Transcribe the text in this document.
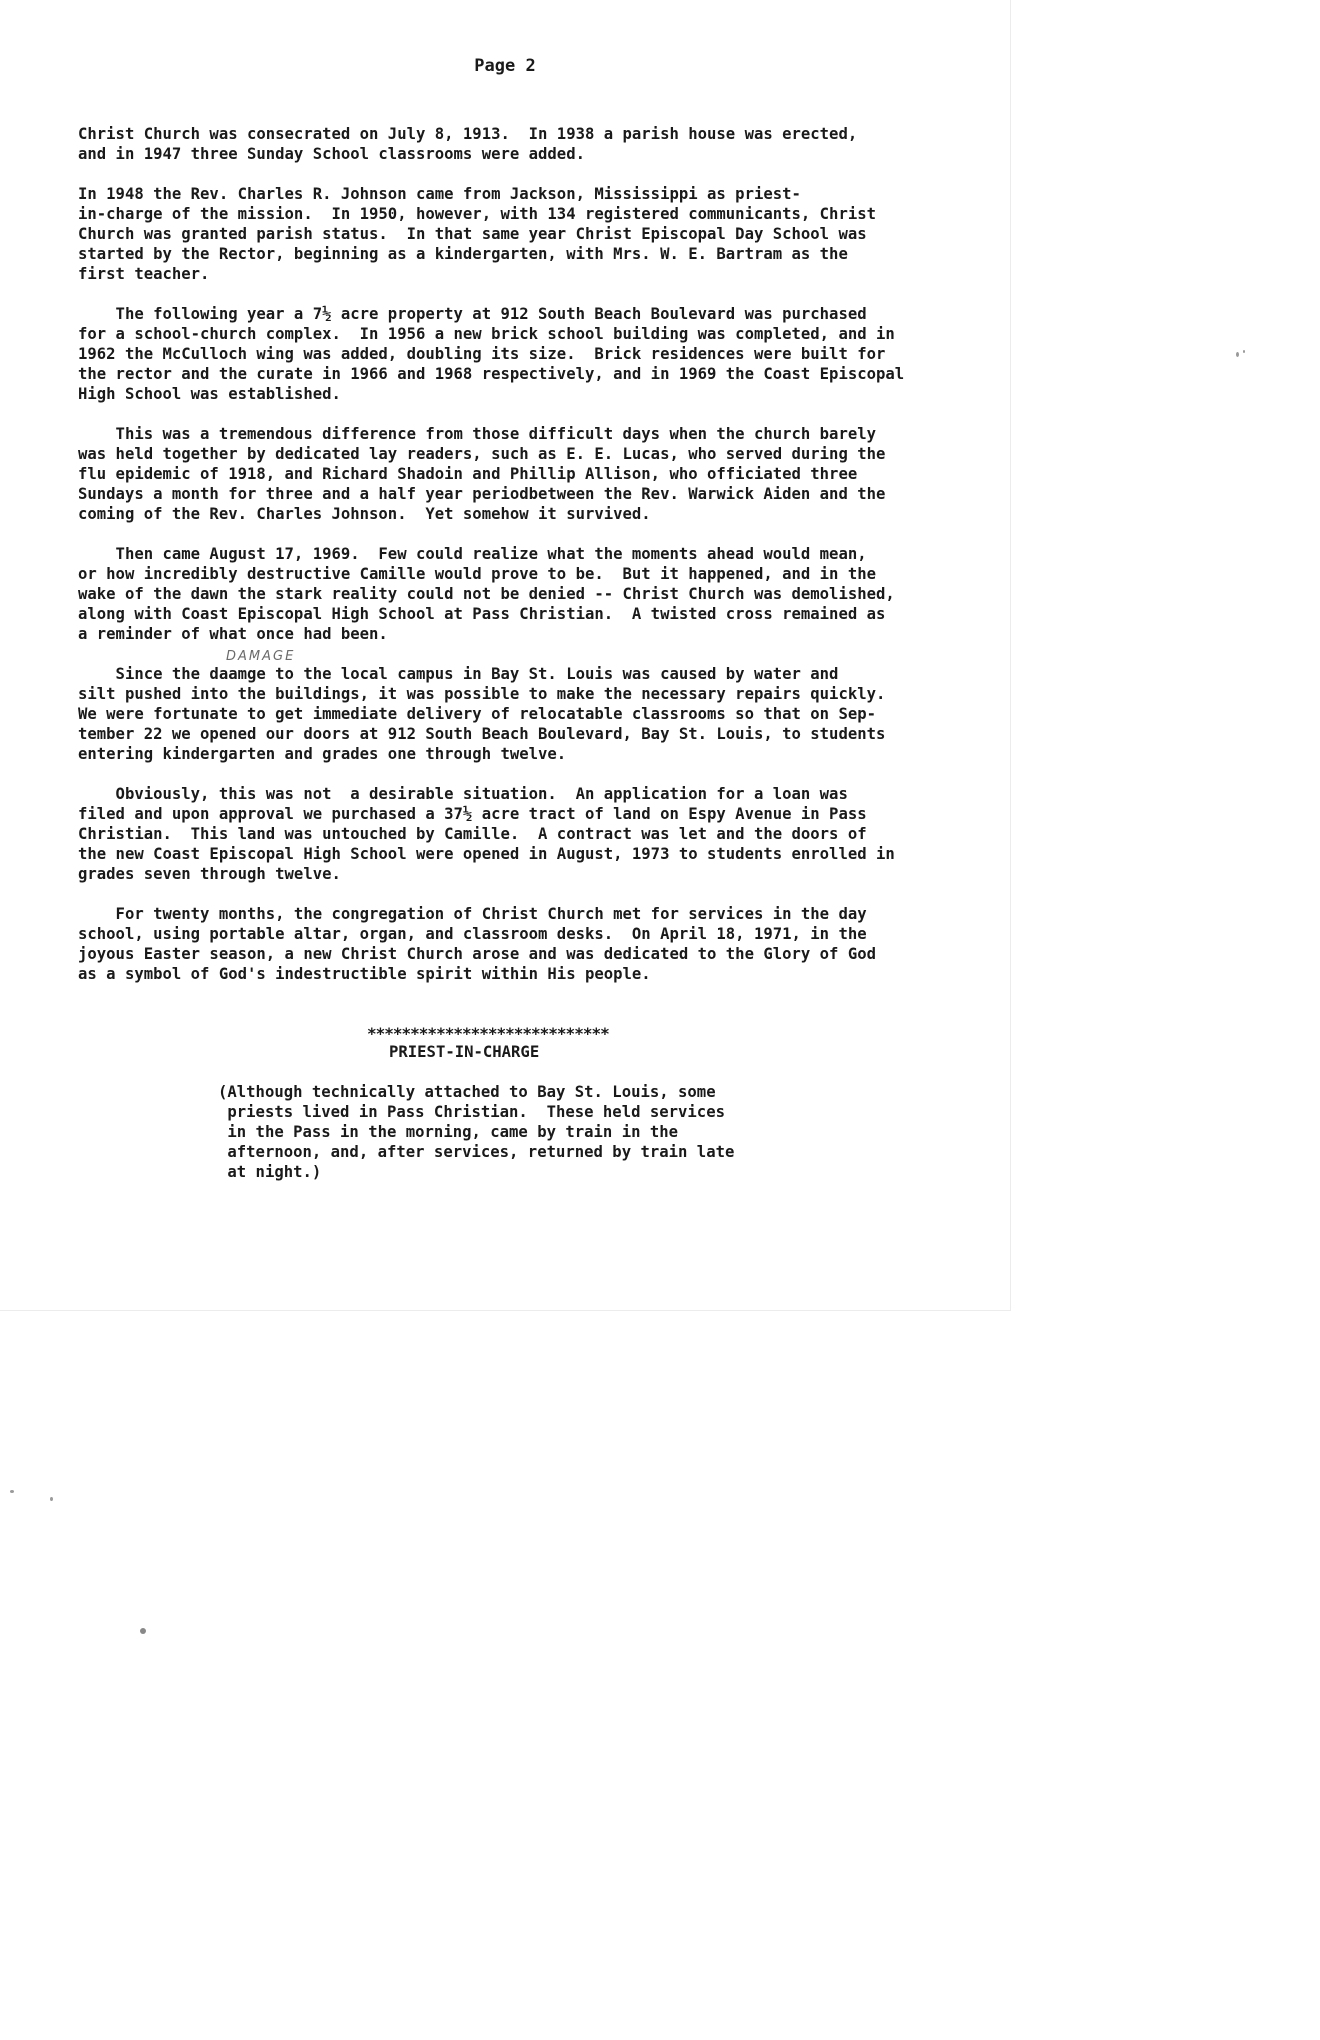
Page 2
DAMAGE

Christ Church was consecrated on July 8, 1913.  In 1938 a parish house was erected,
and in 1947 three Sunday School classrooms were added.

In 1948 the Rev. Charles R. Johnson came from Jackson, Mississippi as priest-
in-charge of the mission.  In 1950, however, with 134 registered communicants, Christ
Church was granted parish status.  In that same year Christ Episcopal Day School was
started by the Rector, beginning as a kindergarten, with Mrs. W. E. Bartram as the
first teacher.

The following year a 7½ acre property at 912 South Beach Boulevard was purchased
for a school-church complex.  In 1956 a new brick school building was completed, and in
1962 the McCulloch wing was added, doubling its size.  Brick residences were built for
the rector and the curate in 1966 and 1968 respectively, and in 1969 the Coast Episcopal
High School was established.

This was a tremendous difference from those difficult days when the church barely
was held together by dedicated lay readers, such as E. E. Lucas, who served during the
flu epidemic of 1918, and Richard Shadoin and Phillip Allison, who officiated three
Sundays a month for three and a half year periodbetween the Rev. Warwick Aiden and the
coming of the Rev. Charles Johnson.  Yet somehow it survived.

Then came August 17, 1969.  Few could realize what the moments ahead would mean,
or how incredibly destructive Camille would prove to be.  But it happened, and in the
wake of the dawn the stark reality could not be denied -- Christ Church was demolished,
along with Coast Episcopal High School at Pass Christian.  A twisted cross remained as
a reminder of what once had been.

Since the daamge to the local campus in Bay St. Louis was caused by water and
silt pushed into the buildings, it was possible to make the necessary repairs quickly.
We were fortunate to get immediate delivery of relocatable classrooms so that on Sep-
tember 22 we opened our doors at 912 South Beach Boulevard, Bay St. Louis, to students
entering kindergarten and grades one through twelve.

Obviously, this was not  a desirable situation.  An application for a loan was
filed and upon approval we purchased a 37½ acre tract of land on Espy Avenue in Pass
Christian.  This land was untouched by Camille.  A contract was let and the doors of
the new Coast Episcopal High School were opened in August, 1973 to students enrolled in
grades seven through twelve.

For twenty months, the congregation of Christ Church met for services in the day
school, using portable altar, organ, and classroom desks.  On April 18, 1971, in the
joyous Easter season, a new Christ Church arose and was dedicated to the Glory of God
as a symbol of God's indestructible spirit within His people.

****************************
PRIEST-IN-CHARGE
(Although technically attached to Bay St. Louis, some
priests lived in Pass Christian.  These held services
in the Pass in the morning, came by train in the
afternoon, and, after services, returned by train late
at night.)
